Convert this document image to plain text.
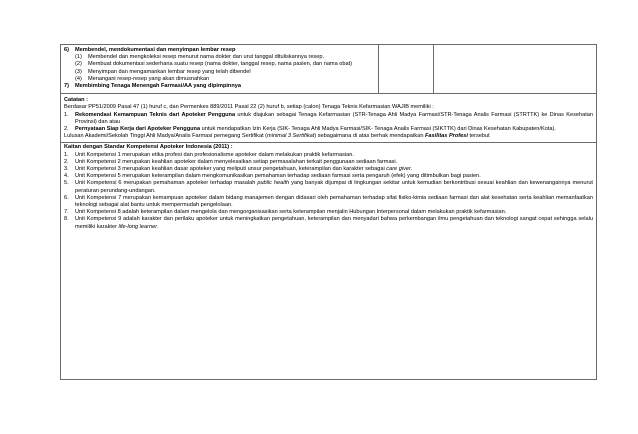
6)	Membendel, mendokumentasi dan menyimpan lembar resep
(1)	Membendel dan mengkoleksi resep menurut nama dokter dan urut tanggal dituliskannya resep.
(2)	Membuat dokumentasi sederhana suatu resep (nama dokter, tanggal resep, nama pasien, dan nama obat)
(3)	Menyimpan dan mengamankan lembar resep yang telah dibendel
(4)	Menangani resep-resep yang akan dimusnahkan
7)	Membimbing Tenaga Menengah Farmasi/AA yang dipimpinnya

Catatan :
Berdasar PP51/2009 Pasal 47 (1) huruf c, dan Permenkes 889/2011 Pasal 22 (2) huruf b, setiap (calon) Tenaga Teknis Kefarmasian WAJIB memiliki :
1.	Rekomendasi Kemampuan Teknis dari Apoteker Pengguna untuk diajukan sebagai Tenaga Kefarmasian (STR-Tenaga Ahli Madya Farmasi/STR-Tenaga Analis Farmasi (STRTTK) ke Dinas Kesehatan Provinsi) dan atau
2.	Pernyataan Siap Kerja dari Apoteker Pengguna untuk mendapatkan Izin Kerja (SIK- Tenaga Ahli Madya Farmasi/SIK- Tenaga Analis Farmasi (SIKTTK) dari Dinas Kesehatan Kabupaten/Kota).
Lulusan Akademi/Sekolah Tinggi Ahli Madya/Analis Farmasi pemegang Sertifikat (minimal 3 Sertifikat) sebagaimana di atas berhak mendapatkan Fasilitas Profesi tersebut

Kaitan dengan Standar Kompetensi Apoteker Indonesia (2011) :
1.	Unit Kompetensi 1 merupakan etika profesi dan profesionalisme apoteker dalam melakukan praktik kefarmasian.
2.	Unit Kompetensi 2 merupakan keahlian apoteker dalam menyelesaikan setiap permasalahan terkait penggunaan sediaan farmasi.
3.	Unit Kompetensi 3 merupakan keahlian dasar apoteker yang meliputi unsur pengetahuan, keterampilan dan karakter sebagai care giver.
4.	Unit Kompetensi 5 merupakan keterampilan dalam mengkomunikasikan pemahaman terhadap sediaan farmasi serta pengaruh (efek) yang ditimbulkan bagi pasien.
5.	Unit Kompetensi 6 merupakan pemahaman apoteker terhadap masalah public health yang banyak dijumpai di lingkungan sekitar untuk kemudian berkontribusi sesuai keahlian dan kewenangannya menurut peraturan perundang-undangan.
6.	Unit Kompetensi 7 merupakan kemampuan apoteker dalam bidang manajemen dengan didasari oleh pemahaman terhadap sifat fisiko-kimia sediaan farmasi dan alat kesehatan serta keahlian memanfaatkan teknologi sebagai alat bantu untuk mempermudah pengelolaan.
7.	Unit Kompetensi 8 adalah keterampilan dalam mengelola dan mengorganisasikan serta keterampilan menjalin Hubungan Interpersonal dalam melakukan praktik kefarmasian.
8.	Unit Kompetensi 9 adalah karakter dan perilaku apoteker untuk meningkatkan pengetahuan, keterampilan dan menyadari bahwa perkembangan ilmu pengetahuan dan teknologi sangat cepat sehingga selalu memiliki karakter life-long learner.
